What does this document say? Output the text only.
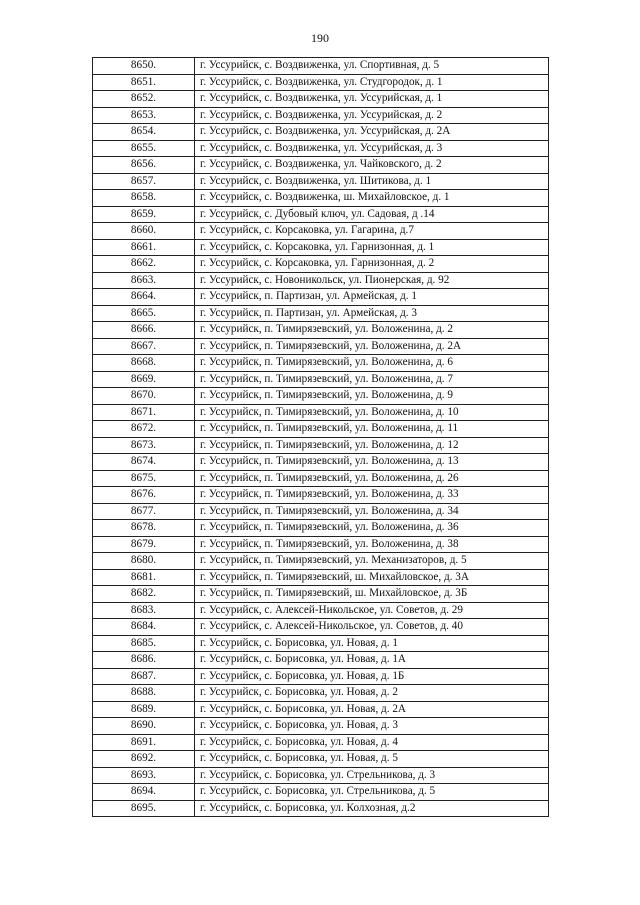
190
8650.	г. Уссурийск, с. Воздвиженка, ул. Спортивная, д. 5
8651.	г. Уссурийск, с. Воздвиженка, ул. Студгородок, д. 1
8652.	г. Уссурийск, с. Воздвиженка, ул. Уссурийская, д. 1
8653.	г. Уссурийск, с. Воздвиженка, ул. Уссурийская, д. 2
8654.	г. Уссурийск, с. Воздвиженка, ул. Уссурийская, д. 2А
8655.	г. Уссурийск, с. Воздвиженка, ул. Уссурийская, д. 3
8656.	г. Уссурийск, с. Воздвиженка, ул. Чайковского, д. 2
8657.	г. Уссурийск, с. Воздвиженка, ул. Шитикова, д. 1
8658.	г. Уссурийск, с. Воздвиженка, ш. Михайловское, д. 1
8659.	г. Уссурийск, с. Дубовый ключ, ул. Садовая, д .14
8660.	г. Уссурийск, с. Корсаковка, ул. Гагарина, д.7
8661.	г. Уссурийск, с. Корсаковка, ул. Гарнизонная, д. 1
8662.	г. Уссурийск, с. Корсаковка, ул. Гарнизонная, д. 2
8663.	г. Уссурийск, с. Новоникольск, ул. Пионерская, д. 92
8664.	г. Уссурийск, п. Партизан, ул. Армейская, д. 1
8665.	г. Уссурийск, п. Партизан, ул. Армейская, д. 3
8666.	г. Уссурийск, п. Тимирязевский, ул. Воложенина, д. 2
8667.	г. Уссурийск, п. Тимирязевский, ул. Воложенина, д. 2А
8668.	г. Уссурийск, п. Тимирязевский, ул. Воложенина, д. 6
8669.	г. Уссурийск, п. Тимирязевский, ул. Воложенина, д. 7
8670.	г. Уссурийск, п. Тимирязевский, ул. Воложенина, д. 9
8671.	г. Уссурийск, п. Тимирязевский, ул. Воложенина, д. 10
8672.	г. Уссурийск, п. Тимирязевский, ул. Воложенина, д. 11
8673.	г. Уссурийск, п. Тимирязевский, ул. Воложенина, д. 12
8674.	г. Уссурийск, п. Тимирязевский, ул. Воложенина, д. 13
8675.	г. Уссурийск, п. Тимирязевский, ул. Воложенина, д. 26
8676.	г. Уссурийск, п. Тимирязевский, ул. Воложенина, д. 33
8677.	г. Уссурийск, п. Тимирязевский, ул. Воложенина, д. 34
8678.	г. Уссурийск, п. Тимирязевский, ул. Воложенина, д. 36
8679.	г. Уссурийск, п. Тимирязевский, ул. Воложенина, д. 38
8680.	г. Уссурийск, п. Тимирязевский, ул. Механизаторов, д. 5
8681.	г. Уссурийск, п. Тимирязевский, ш. Михайловское, д. 3А
8682.	г. Уссурийск, п. Тимирязевский, ш. Михайловское, д. 3Б
8683.	г. Уссурийск, с. Алексей-Никольское, ул. Советов, д. 29
8684.	г. Уссурийск, с. Алексей-Никольское, ул. Советов, д. 40
8685.	г. Уссурийск, с. Борисовка, ул. Новая, д. 1
8686.	г. Уссурийск, с. Борисовка, ул. Новая, д. 1А
8687.	г. Уссурийск, с. Борисовка, ул. Новая, д. 1Б
8688.	г. Уссурийск, с. Борисовка, ул. Новая, д. 2
8689.	г. Уссурийск, с. Борисовка, ул. Новая, д. 2А
8690.	г. Уссурийск, с. Борисовка, ул. Новая, д. 3
8691.	г. Уссурийск, с. Борисовка, ул. Новая, д. 4
8692.	г. Уссурийск, с. Борисовка, ул. Новая, д. 5
8693.	г. Уссурийск, с. Борисовка, ул. Стрельникова, д. 3
8694.	г. Уссурийск, с. Борисовка, ул. Стрельникова, д. 5
8695.	г. Уссурийск, с. Борисовка, ул. Колхозная, д.2
